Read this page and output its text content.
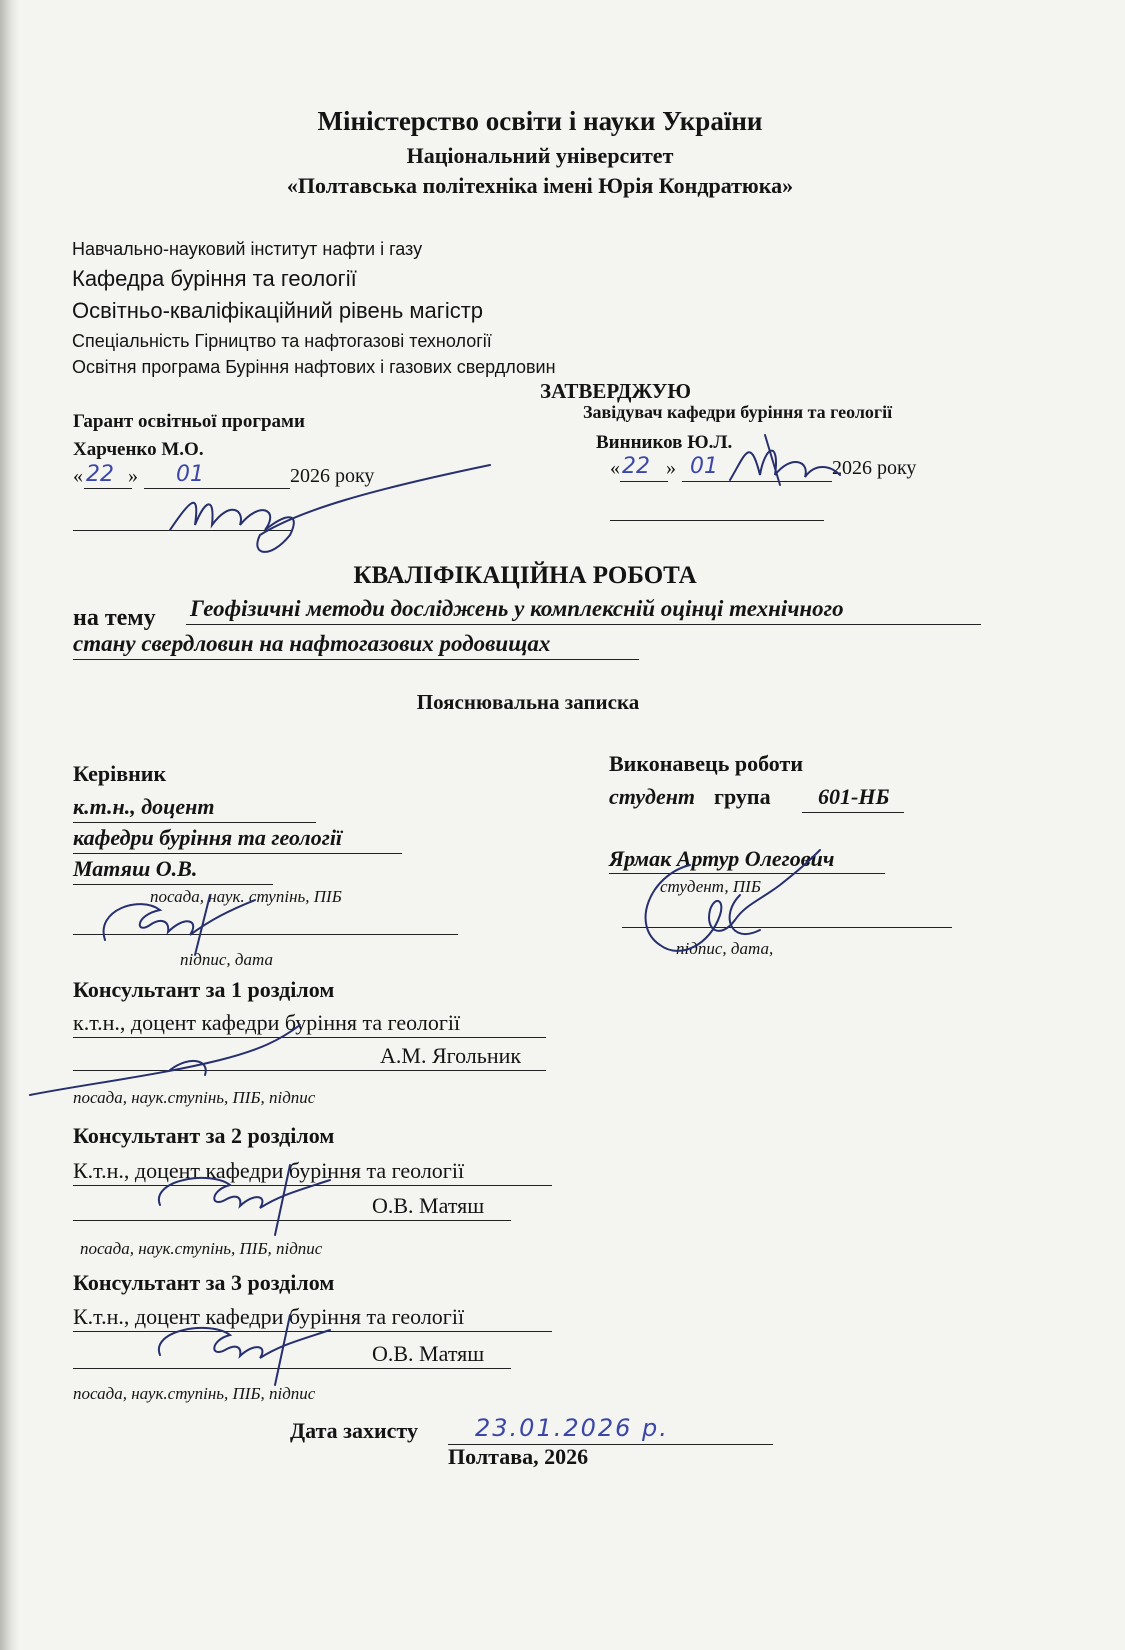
Міністерство освіти і науки України
Національний університет
«Полтавська політехніка імені Юрія Кондратюка»
Навчально-науковий інститут нафти і газу
Кафедра буріння та геології
Освітньо-кваліфікаційний рівень магістр
Спеціальність Гірництво та нафтогазові технології
Освітня програма Буріння нафтових і газових свердловин
ЗАТВЕРДЖУЮ
Гарант освітньої програми
Харченко М.О.
« 22 » 01	2026 року
Завідувач кафедри буріння та геології
Винников Ю.Л.
« 22 » 01	2026 року
КВАЛІФІКАЦІЙНА РОБОТА
на тему Геофізичні методи досліджень у комплексній оцінці технічного
стану свердловин на нафтогазових родовищах
Пояснювальна записка
Керівник
к.т.н., доцент
кафедри буріння та геології
Матяш О.В.
посада, наук. ступінь, ПІБ
підпис, дата
Виконавець роботи
студент група 601-НБ
Ярмак Артур Олегович
студент, ПІБ
підпис, дата,
Консультант за 1 розділом
к.т.н., доцент кафедри буріння та геології
А.М. Ягольник
посада, наук.ступінь, ПІБ, підпис
Консультант за 2 розділом
К.т.н., доцент кафедри буріння та геології
О.В. Матяш
посада, наук.ступінь, ПІБ, підпис
Консультант за 3 розділом
К.т.н., доцент кафедри буріння та геології
О.В. Матяш
посада, наук.ступінь, ПІБ, підпис
Дата захисту 23.01.2026 р.
Полтава, 2026
